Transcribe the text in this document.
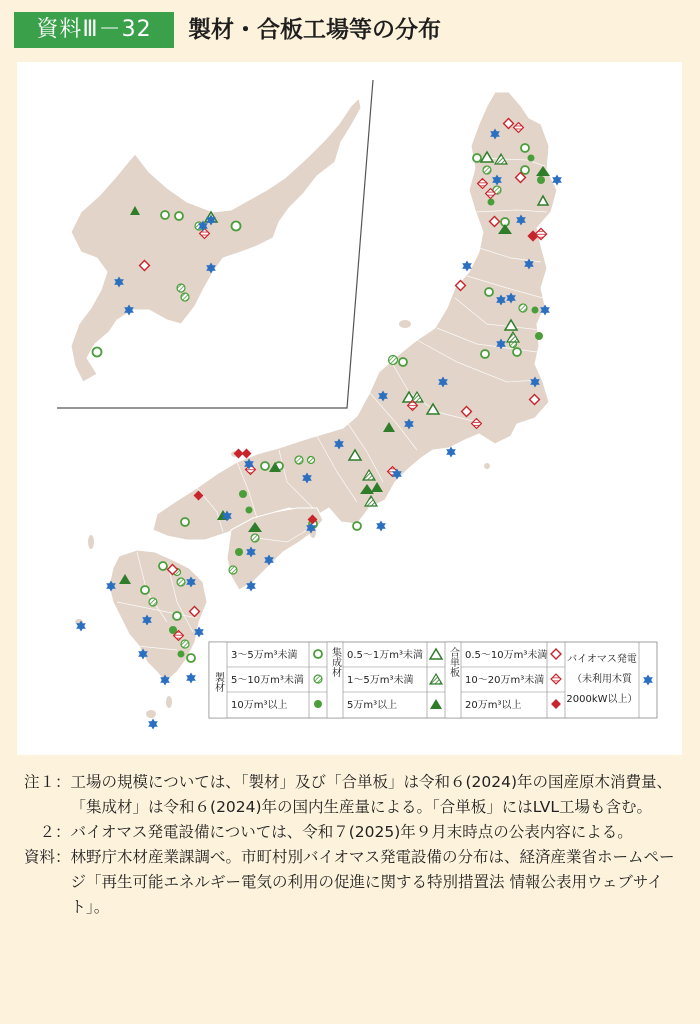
資料Ⅲ－32	製材・合板工場等の分布
製材
3～5万m³未満
5～10万m³未満
10万m³以上
集成材 0.5～1万m³未満
1～5万m³未満
5万m³以上
合単板 0.5～10万m³未満
10～20万m³未満
20万m³以上
バイオマス発電
（未利用木質
2000kW以上）
注１： 工場の規模については、「製材」及び「合単板」は令和６(2024)年の国産原木消費量、「集成材」は令和６(2024)年の国内生産量による。「合単板」にはLVL工場も含む。
　２： バイオマス発電設備については、令和７(2025)年９月末時点の公表内容による。
資料： 林野庁木材産業課調べ。市町村別バイオマス発電設備の分布は、経済産業省ホームページ「再生可能エネルギー電気の利用の促進に関する特別措置法 情報公表用ウェブサイト」。
